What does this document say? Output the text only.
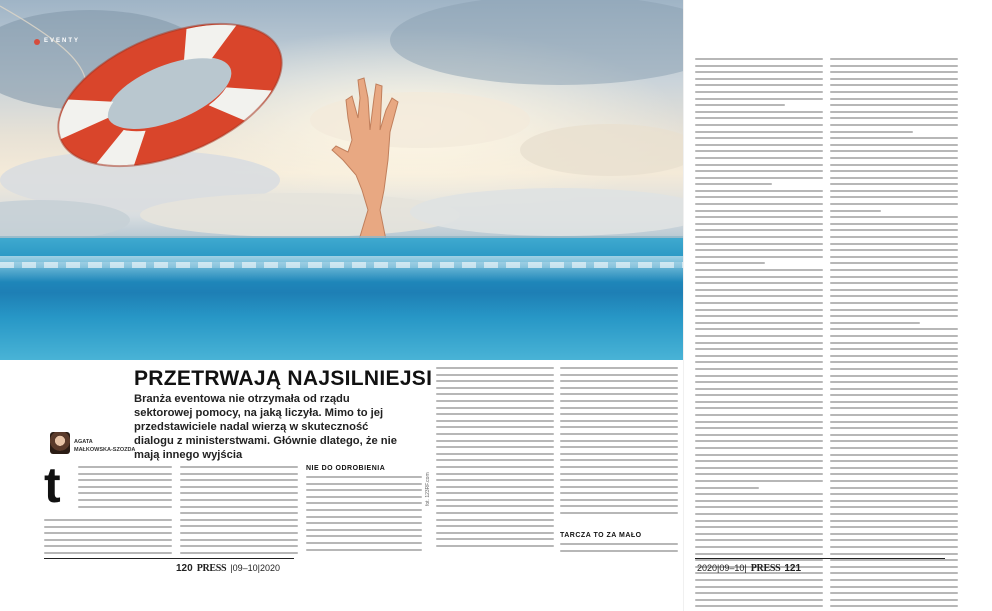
EVENTY
PRZETRWAJĄ NAJSILNIEJSI
Branża eventowa nie otrzymała od rządu sektorowej pomocy, na jaką liczyła. Mimo to jej przedstawiciele nadal wierzą w skuteczność dialogu z ministerstwami. Głównie dlatego, że nie mają innego wyjścia
AGATA
MAŁKOWSKA-SZOZDA
t	NIE DO ODROBIENIA
TARCZA TO ZA MAŁO
fot. 123RF.com
120 PRESS |09–10|2020	2020|09–10| PRESS 121
